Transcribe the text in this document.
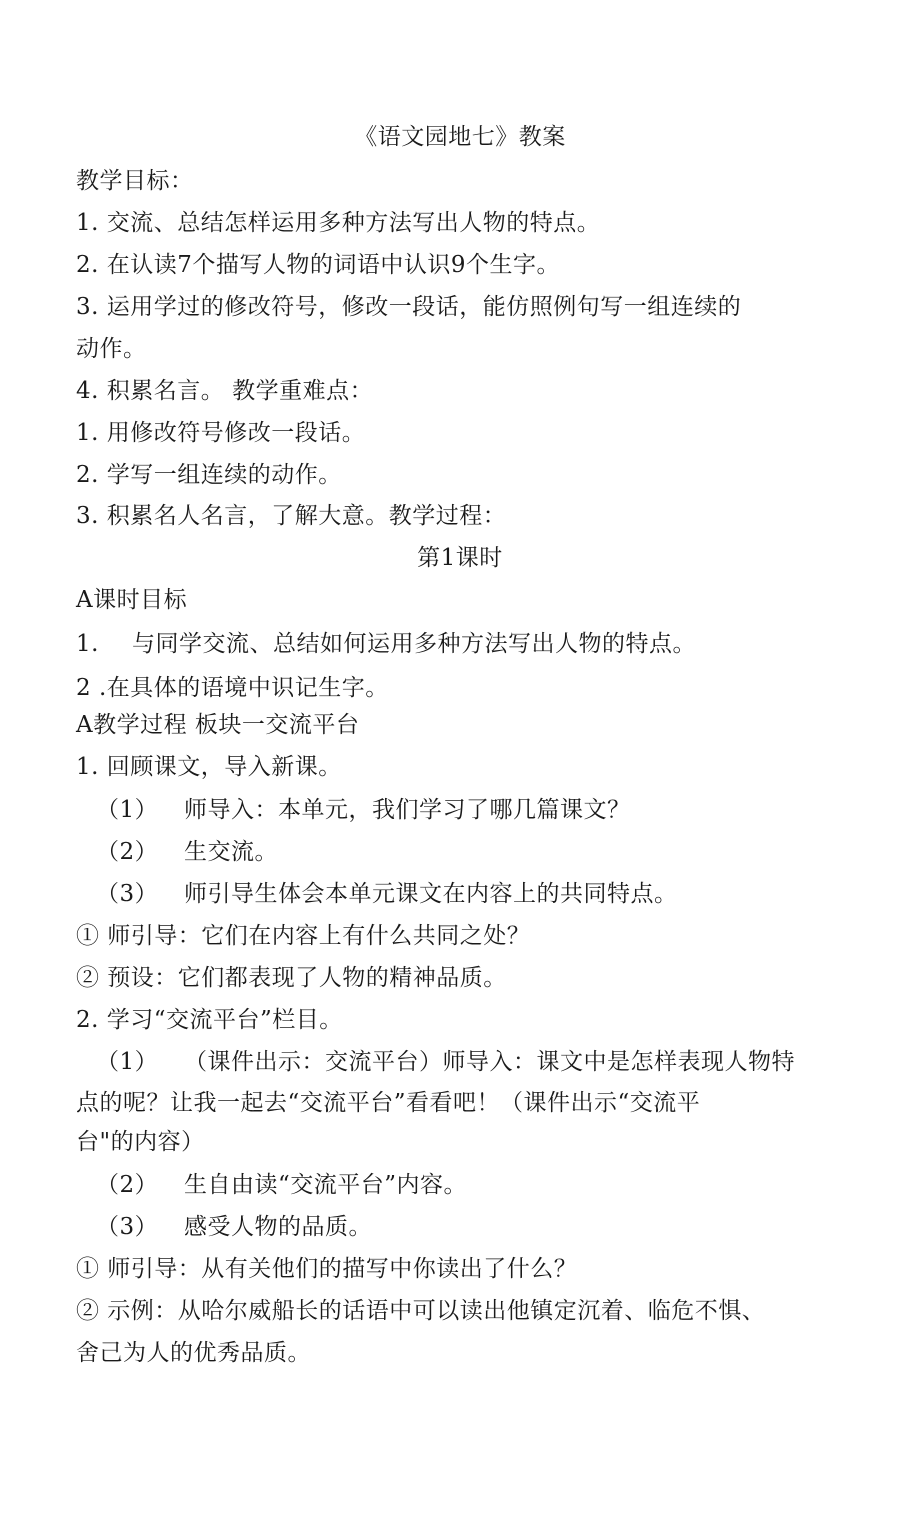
《语文园地七》教案
教学目标：
1. 交流、总结怎样运用多种方法写出人物的特点。
2. 在认读7个描写人物的词语中认识9个生字。
3. 运用学过的修改符号，修改一段话，能仿照例句写一组连续的
动作。
4. 积累名言。 教学重难点：
1. 用修改符号修改一段话。
2. 学写一组连续的动作。
3. 积累名人名言，了解大意。教学过程：
第1课时
A课时目标
1. 与同学交流、总结如何运用多种方法写出人物的特点。
2 .在具体的语境中识记生字。
A教学过程 板块一交流平台
1. 回顾课文，导入新课。
（1） 师导入：本单元，我们学习了哪几篇课文？
（2） 生交流。
（3） 师引导生体会本单元课文在内容上的共同特点。
① 师引导：它们在内容上有什么共同之处？
② 预设：它们都表现了人物的精神品质。
2. 学习“交流平台”栏目。
（1） （课件出示：交流平台）师导入：课文中是怎样表现人物特
点的呢？让我一起去“交流平台”看看吧！（课件出示“交流平
台"的内容）
（2） 生自由读“交流平台”内容。
（3） 感受人物的品质。
① 师引导：从有关他们的描写中你读出了什么？
② 示例：从哈尔威船长的话语中可以读出他镇定沉着、临危不惧、
舍己为人的优秀品质。
